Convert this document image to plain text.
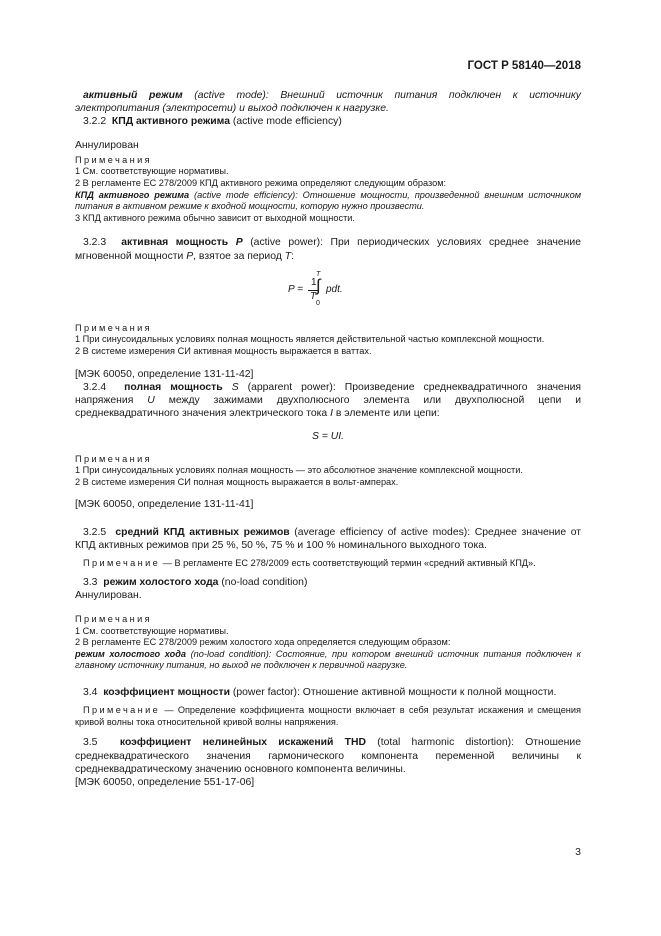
ГОСТ Р 58140—2018

активный режим (active mode): Внешний источник питания подключен к источнику электропитания (электросети) и выход подключен к нагрузке.

3.2.2 КПД активного режима (active mode efficiency)

Аннулирован

Примечания

1 См. соответствующие нормативы.

2 В регламенте ЕС 278/2009 КПД активного режима определяют следующим образом:

КПД активного режима (active mode efficiency): Отношение мощности, произведенной внешним источником питания в активном режиме к входной мощности, которую нужно произвести.

3 КПД активного режима обычно зависит от выходной мощности.

3.2.3 активная мощность P (active power): При периодических условиях среднее значение мгновенной мощности P, взятое за период T:

P =
1
T
T
∫
0
pdt.

Примечания

1 При синусоидальных условиях полная мощность является действительной частью комплексной мощности.

2 В системе измерения СИ активная мощность выражается в ваттах.

[МЭК 60050, определение 131-11-42]

3.2.4 полная мощность S (apparent power): Произведение среднеквадратичного значения напряжения U между зажимами двухполюсного элемента или двухполюсной цепи и среднеквадратичного значения электрического тока I в элементе или цепи:

S = UI.

Примечания

1 При синусоидальных условиях полная мощность — это абсолютное значение комплексной мощности.

2 В системе измерения СИ полная мощность выражается в вольт-амперах.

[МЭК 60050, определение 131-11-41]

3.2.5 средний КПД активных режимов (average efficiency of active modes): Среднее значение от КПД активных режимов при 25 %, 50 %, 75 % и 100 % номинального выходного тока.

Примечание — В регламенте ЕС 278/2009 есть соответствующий термин «средний активный КПД».

3.3 режим холостого хода (no-load condition)

Аннулирован.

Примечания

1 См. соответствующие нормативы.

2 В регламенте ЕС 278/2009 режим холостого хода определяется следующим образом:

режим холостого хода (no-load condition): Состояние, при котором внешний источник питания подключен к главному источнику питания, но выход не подключен к первичной нагрузке.

3.4 коэффициент мощности (power factor): Отношение активной мощности к полной мощности.

Примечание — Определение коэффициента мощности включает в себя результат искажения и смещения кривой волны тока относительной кривой волны напряжения.

3.5 коэффициент нелинейных искажений THD (total harmonic distortion): Отношение среднеквадратического значения гармонического компонента переменной величины к среднеквадратическому значению основного компонента величины.

[МЭК 60050, определение 551-17-06]

3
